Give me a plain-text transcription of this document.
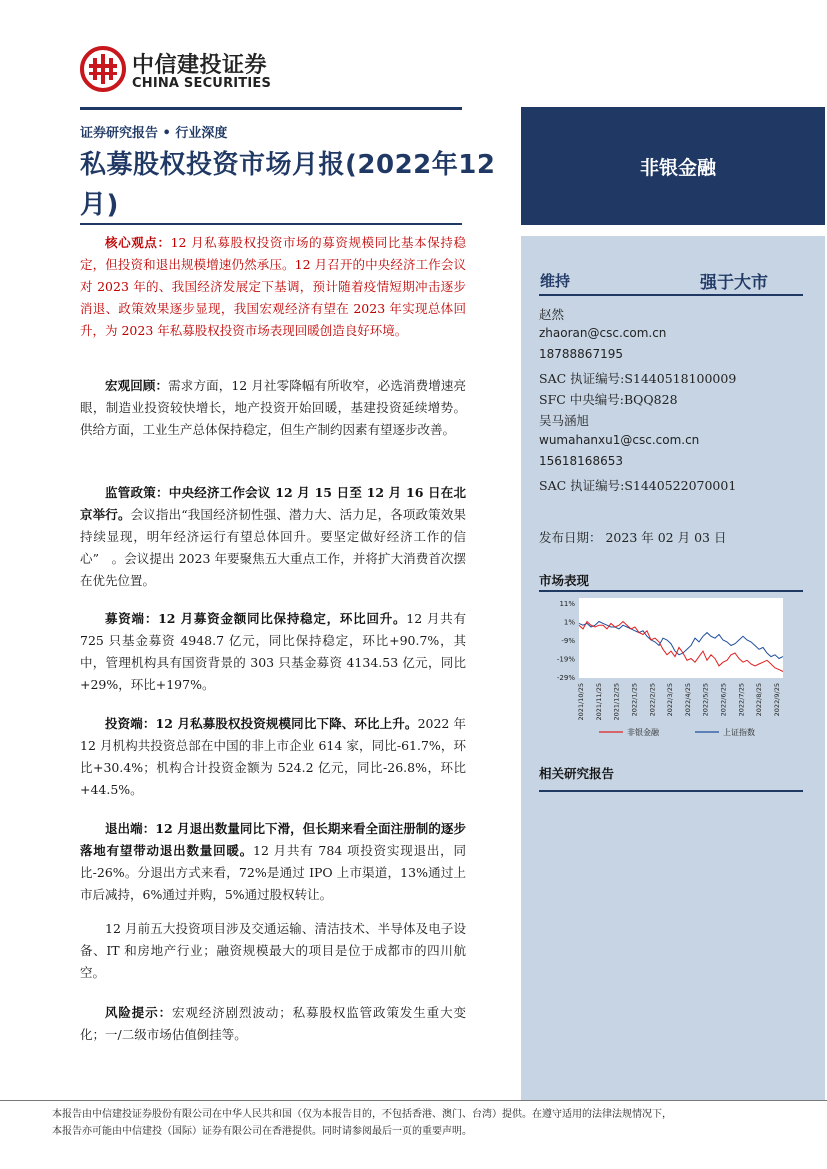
中信建投证券
CHINA SECURITIES
证券研究报告 • 行业深度
私募股权投资市场月报(2022年12月)
非银金融
维持	强于大市
赵然
zhaoran@csc.com.cn
18788867195
SAC 执证编号:S1440518100009
SFC 中央编号:BQQ828
吴马涵旭
wumahanxu1@csc.com.cn
15618168653
SAC 执证编号:S1440522070001
发布日期： 2023 年 02 月 03 日
市场表现
11%
1%
-9%
-19%
-29%
2021/10/25 2021/11/25 2021/12/25 2022/1/25 2022/2/25 2022/3/25 2022/4/25 2022/5/25 2022/6/25 2022/7/25 2022/8/25 2022/9/25
非银金融	上证指数
相关研究报告

核心观点：12 月私募股权投资市场的募资规模同比基本保持稳定，但投资和退出规模增速仍然承压。12 月召开的中央经济工作会议对 2023 年的、我国经济发展定下基调，预计随着疫情短期冲击逐步消退、政策效果逐步显现，我国宏观经济有望在 2023 年实现总体回升，为 2023 年私募股权投资市场表现回暖创造良好环境。

宏观回顾：需求方面，12 月社零降幅有所收窄，必选消费增速亮眼，制造业投资较快增长，地产投资开始回暖，基建投资延续增势。供给方面，工业生产总体保持稳定，但生产制约因素有望逐步改善。

监管政策：中央经济工作会议 12 月 15 日至 12 月 16 日在北京举行。会议指出“我国经济韧性强、潜力大、活力足，各项政策效果持续显现，明年经济运行有望总体回升。要坚定做好经济工作的信心”　。会议提出 2023 年要聚焦五大重点工作，并将扩大消费首次摆在优先位置。

募资端：12 月募资金额同比保持稳定，环比回升。12 月共有 725 只基金募资 4948.7 亿元，同比保持稳定，环比+90.7%，其中，管理机构具有国资背景的 303 只基金募资 4134.53 亿元，同比+29%，环比+197%。

投资端：12 月私募股权投资规模同比下降、环比上升。2022 年 12 月机构共投资总部在中国的非上市企业 614 家，同比-61.7%，环比+30.4%；机构合计投资金额为 524.2 亿元，同比-26.8%，环比+44.5%。

退出端：12 月退出数量同比下滑，但长期来看全面注册制的逐步落地有望带动退出数量回暖。12 月共有 784 项投资实现退出，同比-26%。分退出方式来看，72%是通过 IPO 上市渠道，13%通过上市后减持，6%通过并购，5%通过股权转让。

12 月前五大投资项目涉及交通运输、清洁技术、半导体及电子设备、IT 和房地产行业；融资规模最大的项目是位于成都市的四川航空。

风险提示：宏观经济剧烈波动；私募股权监管政策发生重大变化；一/二级市场估值倒挂等。

本报告由中信建投证券股份有限公司在中华人民共和国（仅为本报告目的，不包括香港、澳门、台湾）提供。在遵守适用的法律法规情况下，
本报告亦可能由中信建投（国际）证券有限公司在香港提供。同时请参阅最后一页的重要声明。
